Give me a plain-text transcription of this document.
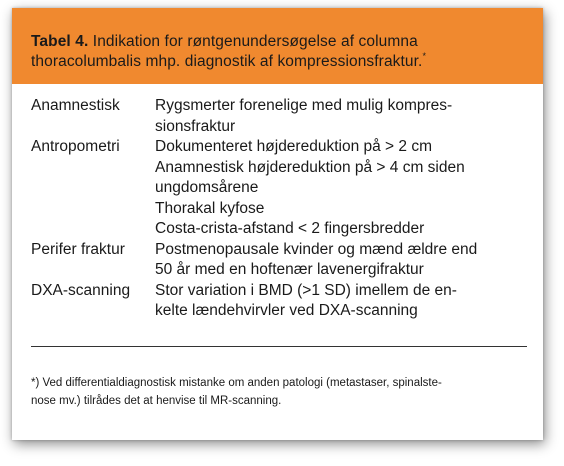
Tabel 4. Indikation for røntgenundersøgelse af columna
thoracolumbalis mhp. diagnostik af kompressionsfraktur.*
Anamnestisk	Rygsmerter forenelige med mulig kompres-
sionsfraktur
Antropometri	Dokumenteret højdereduktion på > 2 cm
Anamnestisk højdereduktion på > 4 cm siden
ungdomsårene
Thorakal kyfose
Costa-crista-afstand < 2 fingersbredder
Perifer fraktur	Postmenopausale kvinder og mænd ældre end
50 år med en hoftenær lavenergifraktur
DXA-scanning	Stor variation i BMD (>1 SD) imellem de en-
kelte lændehvirvler ved DXA-scanning
*) Ved differentialdiagnostisk mistanke om anden patologi (metastaser, spinalste-
nose mv.) tilrådes det at henvise til MR-scanning.
